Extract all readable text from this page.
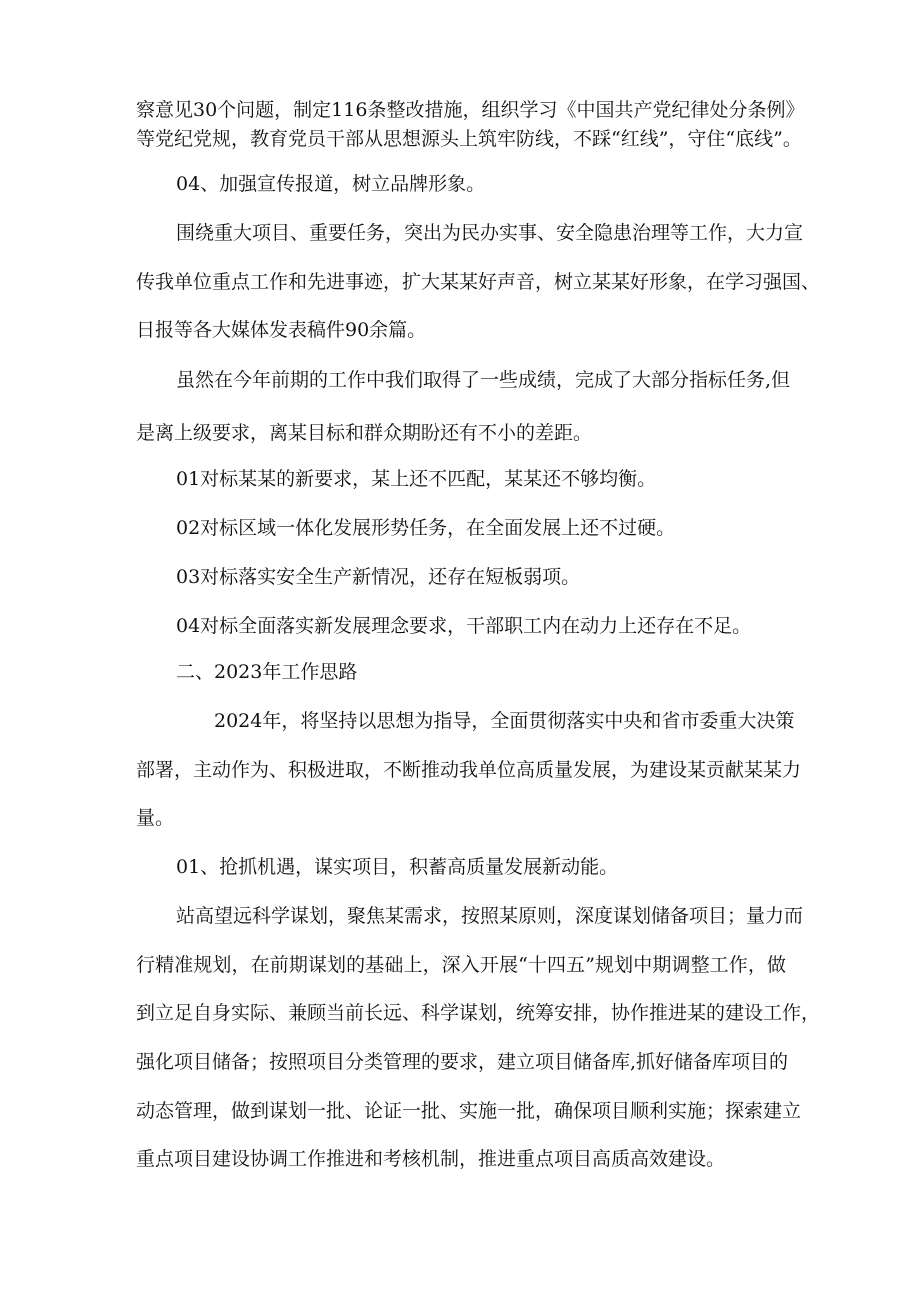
察意见30个问题，制定116条整改措施，组织学习《中国共产党纪律处分条例》
等党纪党规，教育党员干部从思想源头上筑牢防线，不踩“红线”，守住“底线”。
04、加强宣传报道，树立品牌形象。
围绕重大项目、重要任务，突出为民办实事、安全隐患治理等工作，大力宣
传我单位重点工作和先进事迹，扩大某某好声音，树立某某好形象，在学习强国、
日报等各大媒体发表稿件90余篇。
虽然在今年前期的工作中我们取得了一些成绩，完成了大部分指标任务,但
是离上级要求，离某目标和群众期盼还有不小的差距。
01对标某某的新要求，某上还不匹配，某某还不够均衡。
02对标区域一体化发展形势任务，在全面发展上还不过硬。
03对标落实安全生产新情况，还存在短板弱项。
04对标全面落实新发展理念要求，干部职工内在动力上还存在不足。
二、2023年工作思路
2024年，将坚持以思想为指导，全面贯彻落实中央和省市委重大决策
部署，主动作为、积极进取，不断推动我单位高质量发展，为建设某贡献某某力
量。
01、抢抓机遇，谋实项目，积蓄高质量发展新动能。
站高望远科学谋划，聚焦某需求，按照某原则，深度谋划储备项目；量力而
行精准规划，在前期谋划的基础上，深入开展“十四五”规划中期调整工作，做
到立足自身实际、兼顾当前长远、科学谋划，统筹安排，协作推进某的建设工作，
强化项目储备；按照项目分类管理的要求，建立项目储备库,抓好储备库项目的
动态管理，做到谋划一批、论证一批、实施一批，确保项目顺利实施；探索建立
重点项目建设协调工作推进和考核机制，推进重点项目高质高效建设。
